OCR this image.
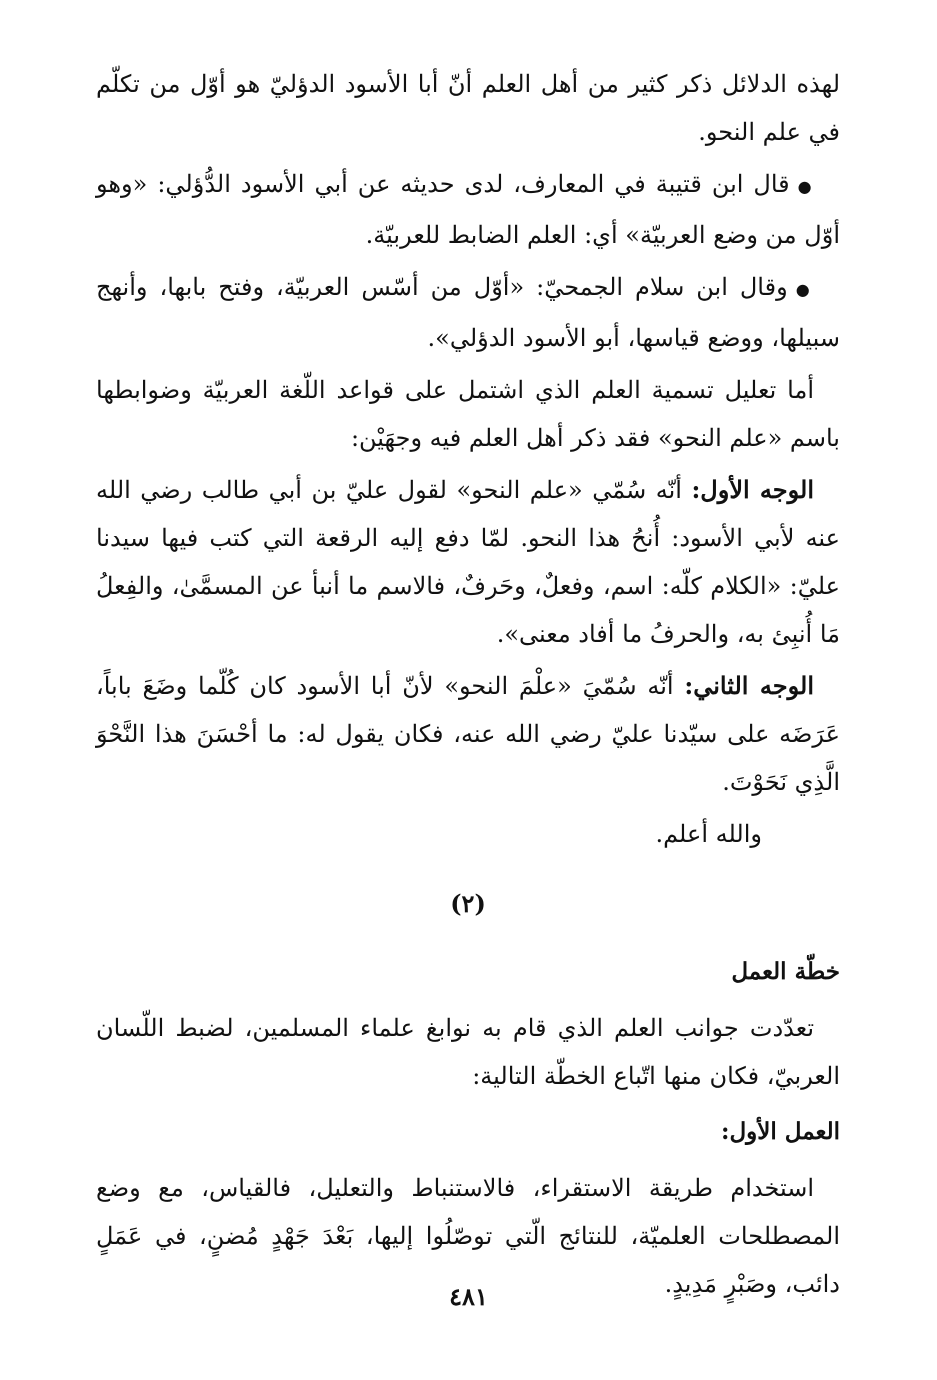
لهذه الدلائل ذكر كثير من أهل العلم أنّ أبا الأسود الدؤليّ هو أوّل من تكلّم في علم النحو.

● قال ابن قتيبة في المعارف، لدى حديثه عن أبي الأسود الدُّؤلي: «وهو أوّل من وضع العربيّة» أي: العلم الضابط للعربيّة.

● وقال ابن سلام الجمحيّ: «أوّل من أسّس العربيّة، وفتح بابها، وأنهج سبيلها، ووضع قياسها، أبو الأسود الدؤلي».

أما تعليل تسمية العلم الذي اشتمل على قواعد اللّغة العربيّة وضوابطها باسم «علم النحو» فقد ذكر أهل العلم فيه وجهَيْن:

الوجه الأول: أنّه سُمّي «علم النحو» لقول عليّ بن أبي طالب رضي الله عنه لأبي الأسود: أُنحُ هذا النحو. لمّا دفع إليه الرقعة التي كتب فيها سيدنا عليّ: «الكلام كلّه: اسم، وفعلٌ، وحَرفٌ، فالاسم ما أنبأ عن المسمَّىٰ، والفِعلُ مَا أُنبِئ به، والحرفُ ما أفاد معنى».

الوجه الثاني: أنّه سُمّيَ «علْمَ النحو» لأنّ أبا الأسود كان كُلّما وضَعَ باباً، عَرَضَه على سيّدنا عليّ رضي الله عنه، فكان يقول له: ما أحْسَنَ هذا النَّحْوَ الَّذِي نَحَوْتَ.

والله أعلم.

(٢)

خطّة العمل

تعدّدت جوانب العلم الذي قام به نوابغ علماء المسلمين، لضبط اللّسان العربيّ، فكان منها اتّباع الخطّة التالية:

العمل الأول:

استخدام طريقة الاستقراء، فالاستنباط والتعليل، فالقياس، مع وضع المصطلحات العلميّة، للنتائج الّتي توصّلُوا إليها، بَعْدَ جَهْدٍ مُضنٍ، في عَمَلٍ دائب، وصَبْرٍ مَدِيدٍ.

٤٨١
